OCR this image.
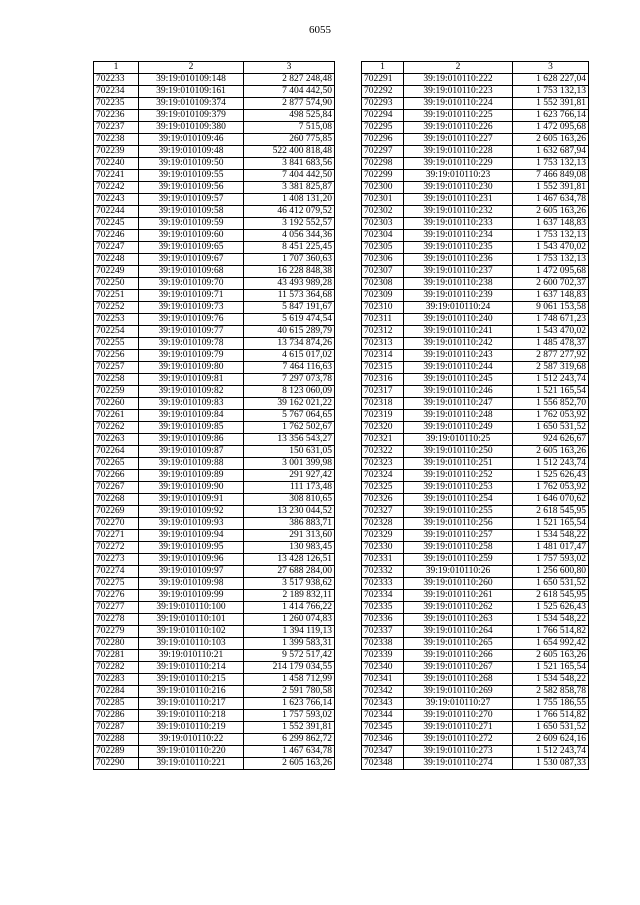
6055
1	2	3
702233	39:19:010109:148	2 827 248,48
702234	39:19:010109:161	7 404 442,50
702235	39:19:010109:374	2 877 574,90
702236	39:19:010109:379	498 525,84
702237	39:19:010109:380	7 515,08
702238	39:19:010109:46	260 775,85
702239	39:19:010109:48	522 400 818,48
702240	39:19:010109:50	3 841 683,56
702241	39:19:010109:55	7 404 442,50
702242	39:19:010109:56	3 381 825,87
702243	39:19:010109:57	1 408 131,20
702244	39:19:010109:58	46 412 079,52
702245	39:19:010109:59	3 192 552,57
702246	39:19:010109:60	4 056 344,36
702247	39:19:010109:65	8 451 225,45
702248	39:19:010109:67	1 707 360,63
702249	39:19:010109:68	16 228 848,38
702250	39:19:010109:70	43 493 989,28
702251	39:19:010109:71	11 573 364,68
702252	39:19:010109:73	5 847 191,67
702253	39:19:010109:76	5 619 474,54
702254	39:19:010109:77	40 615 289,79
702255	39:19:010109:78	13 734 874,26
702256	39:19:010109:79	4 615 017,02
702257	39:19:010109:80	7 464 116,63
702258	39:19:010109:81	7 297 073,78
702259	39:19:010109:82	8 123 060,09
702260	39:19:010109:83	39 162 021,22
702261	39:19:010109:84	5 767 064,65
702262	39:19:010109:85	1 762 502,67
702263	39:19:010109:86	13 356 543,27
702264	39:19:010109:87	150 631,05
702265	39:19:010109:88	3 001 399,98
702266	39:19:010109:89	291 927,42
702267	39:19:010109:90	111 173,48
702268	39:19:010109:91	308 810,65
702269	39:19:010109:92	13 230 044,52
702270	39:19:010109:93	386 883,71
702271	39:19:010109:94	291 313,60
702272	39:19:010109:95	130 983,45
702273	39:19:010109:96	13 428 126,51
702274	39:19:010109:97	27 688 284,00
702275	39:19:010109:98	3 517 938,62
702276	39:19:010109:99	2 189 832,11
702277	39:19:010110:100	1 414 766,22
702278	39:19:010110:101	1 260 074,83
702279	39:19:010110:102	1 394 119,13
702280	39:19:010110:103	1 399 583,31
702281	39:19:010110:21	9 572 517,42
702282	39:19:010110:214	214 179 034,55
702283	39:19:010110:215	1 458 712,99
702284	39:19:010110:216	2 591 780,58
702285	39:19:010110:217	1 623 766,14
702286	39:19:010110:218	1 757 593,02
702287	39:19:010110:219	1 552 391,81
702288	39:19:010110:22	6 299 862,72
702289	39:19:010110:220	1 467 634,78
702290	39:19:010110:221	2 605 163,26
1	2	3
702291	39:19:010110:222	1 628 227,04
702292	39:19:010110:223	1 753 132,13
702293	39:19:010110:224	1 552 391,81
702294	39:19:010110:225	1 623 766,14
702295	39:19:010110:226	1 472 095,68
702296	39:19:010110:227	2 605 163,26
702297	39:19:010110:228	1 632 687,94
702298	39:19:010110:229	1 753 132,13
702299	39:19:010110:23	7 466 849,08
702300	39:19:010110:230	1 552 391,81
702301	39:19:010110:231	1 467 634,78
702302	39:19:010110:232	2 605 163,26
702303	39:19:010110:233	1 637 148,83
702304	39:19:010110:234	1 753 132,13
702305	39:19:010110:235	1 543 470,02
702306	39:19:010110:236	1 753 132,13
702307	39:19:010110:237	1 472 095,68
702308	39:19:010110:238	2 600 702,37
702309	39:19:010110:239	1 637 148,83
702310	39:19:010110:24	9 061 153,58
702311	39:19:010110:240	1 748 671,23
702312	39:19:010110:241	1 543 470,02
702313	39:19:010110:242	1 485 478,37
702314	39:19:010110:243	2 877 277,92
702315	39:19:010110:244	2 587 319,68
702316	39:19:010110:245	1 512 243,74
702317	39:19:010110:246	1 521 165,54
702318	39:19:010110:247	1 556 852,70
702319	39:19:010110:248	1 762 053,92
702320	39:19:010110:249	1 650 531,52
702321	39:19:010110:25	924 626,67
702322	39:19:010110:250	2 605 163,26
702323	39:19:010110:251	1 512 243,74
702324	39:19:010110:252	1 525 626,43
702325	39:19:010110:253	1 762 053,92
702326	39:19:010110:254	1 646 070,62
702327	39:19:010110:255	2 618 545,95
702328	39:19:010110:256	1 521 165,54
702329	39:19:010110:257	1 534 548,22
702330	39:19:010110:258	1 481 017,47
702331	39:19:010110:259	1 757 593,02
702332	39:19:010110:26	1 256 600,80
702333	39:19:010110:260	1 650 531,52
702334	39:19:010110:261	2 618 545,95
702335	39:19:010110:262	1 525 626,43
702336	39:19:010110:263	1 534 548,22
702337	39:19:010110:264	1 766 514,82
702338	39:19:010110:265	1 654 992,42
702339	39:19:010110:266	2 605 163,26
702340	39:19:010110:267	1 521 165,54
702341	39:19:010110:268	1 534 548,22
702342	39:19:010110:269	2 582 858,78
702343	39:19:010110:27	1 755 186,55
702344	39:19:010110:270	1 766 514,82
702345	39:19:010110:271	1 650 531,52
702346	39:19:010110:272	2 609 624,16
702347	39:19:010110:273	1 512 243,74
702348	39:19:010110:274	1 530 087,33
